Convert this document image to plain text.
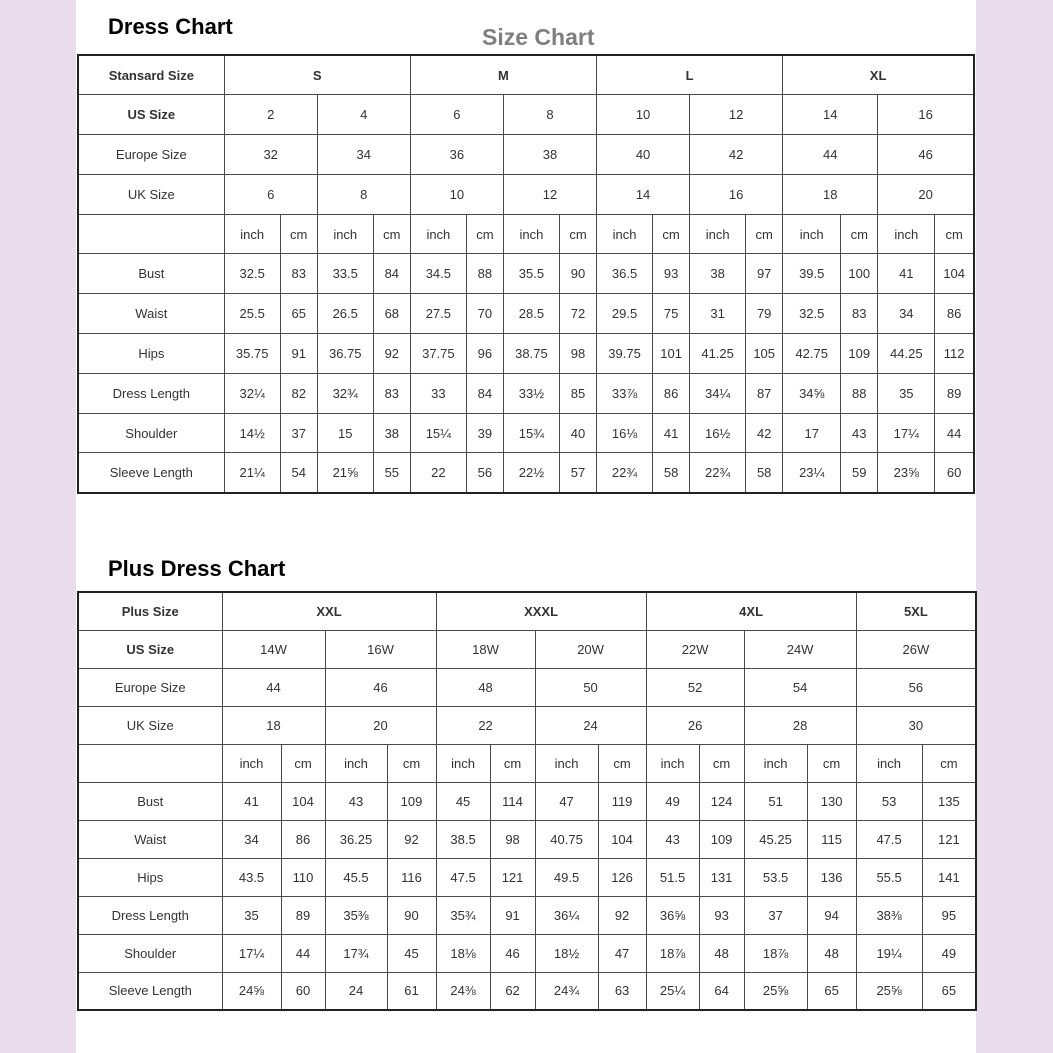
Dress Chart	Size Chart
Stansard Size	S				M				L				XL			
US Size	2		4		6		8		10		12		14		16	
Europe Size	32		34		36		38		40		42		44		46	
UK Size	6		8		10		12		14		16		18		20	
	inch	cm	inch	cm	inch	cm	inch	cm	inch	cm	inch	cm	inch	cm	inch	cm
Bust	32.5	83	33.5	84	34.5	88	35.5	90	36.5	93	38	97	39.5	100	41	104
Waist	25.5	65	26.5	68	27.5	70	28.5	72	29.5	75	31	79	32.5	83	34	86
Hips	35.75	91	36.75	92	37.75	96	38.75	98	39.75	101	41.25	105	42.75	109	44.25	112
Dress Length	32¼	82	32¾	83	33	84	33½	85	33⅞	86	34¼	87	34⅝	88	35	89
Shoulder	14½	37	15	38	15¼	39	15¾	40	16⅛	41	16½	42	17	43	17¼	44
Sleeve Length	21¼	54	21⅝	55	22	56	22½	57	22¾	58	22¾	58	23¼	59	23⅝	60
Plus Dress Chart
Plus Size	XXL				XXXL				4XL				5XL	
US Size	14W		16W		18W		20W		22W		24W		26W	
Europe Size	44		46		48		50		52		54		56	
UK Size	18		20		22		24		26		28		30	
	inch	cm	inch	cm	inch	cm	inch	cm	inch	cm	inch	cm	inch	cm
Bust	41	104	43	109	45	114	47	119	49	124	51	130	53	135
Waist	34	86	36.25	92	38.5	98	40.75	104	43	109	45.25	115	47.5	121
Hips	43.5	110	45.5	116	47.5	121	49.5	126	51.5	131	53.5	136	55.5	141
Dress Length	35	89	35⅜	90	35¾	91	36¼	92	36⅝	93	37	94	38⅜	95
Shoulder	17¼	44	17¾	45	18⅛	46	18½	47	18⅞	48	18⅞	48	19¼	49
Sleeve Length	24⅝	60	24	61	24⅜	62	24¾	63	25¼	64	25⅝	65	25⅝	65
